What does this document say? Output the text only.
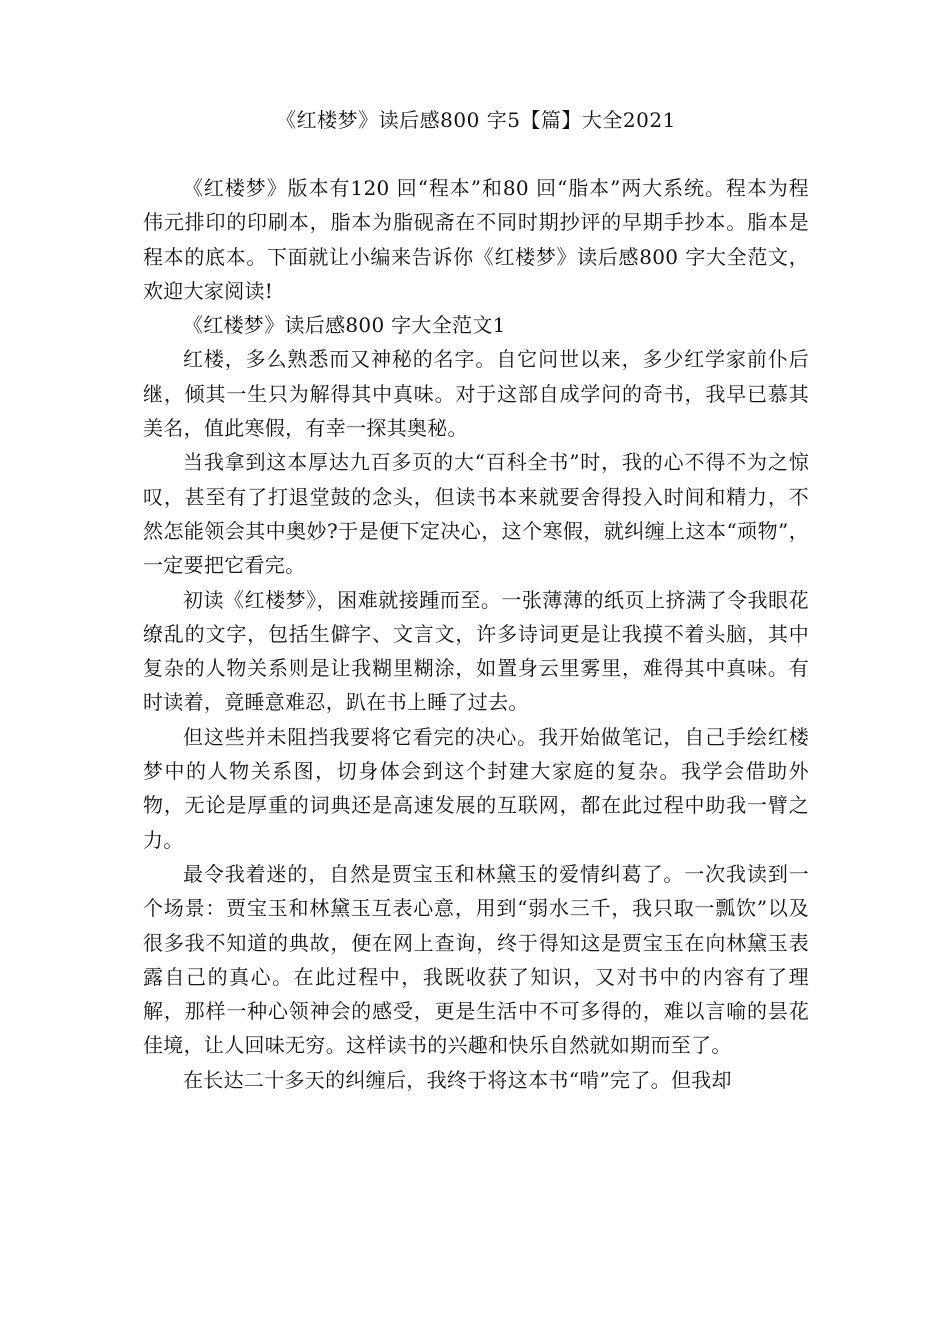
《红楼梦》读后感800 字5【篇】大全2021

《红楼梦》版本有120 回“程本”和80 回“脂本”两大系统。程本为程伟元排印的印刷本，脂本为脂砚斋在不同时期抄评的早期手抄本。脂本是程本的底本。下面就让小编来告诉你《红楼梦》读后感800 字大全范文，欢迎大家阅读!

《红楼梦》读后感800 字大全范文1

红楼，多么熟悉而又神秘的名字。自它问世以来，多少红学家前仆后继，倾其一生只为解得其中真味。对于这部自成学问的奇书，我早已慕其美名，值此寒假，有幸一探其奥秘。

当我拿到这本厚达九百多页的大“百科全书”时，我的心不得不为之惊叹，甚至有了打退堂鼓的念头，但读书本来就要舍得投入时间和精力，不然怎能领会其中奥妙?于是便下定决心，这个寒假，就纠缠上这本“顽物”，一定要把它看完。

初读《红楼梦》，困难就接踵而至。一张薄薄的纸页上挤满了令我眼花缭乱的文字，包括生僻字、文言文，许多诗词更是让我摸不着头脑，其中复杂的人物关系则是让我糊里糊涂，如置身云里雾里，难得其中真味。有时读着，竟睡意难忍，趴在书上睡了过去。

但这些并未阻挡我要将它看完的决心。我开始做笔记，自己手绘红楼梦中的人物关系图，切身体会到这个封建大家庭的复杂。我学会借助外物，无论是厚重的词典还是高速发展的互联网，都在此过程中助我一臂之力。

最令我着迷的，自然是贾宝玉和林黛玉的爱情纠葛了。一次我读到一个场景：贾宝玉和林黛玉互表心意，用到“弱水三千，我只取一瓢饮”以及很多我不知道的典故，便在网上查询，终于得知这是贾宝玉在向林黛玉表露自己的真心。在此过程中，我既收获了知识，又对书中的内容有了理解，那样一种心领神会的感受，更是生活中不可多得的，难以言喻的昙花佳境，让人回味无穷。这样读书的兴趣和快乐自然就如期而至了。

在长达二十多天的纠缠后，我终于将这本书“啃”完了。但我却
